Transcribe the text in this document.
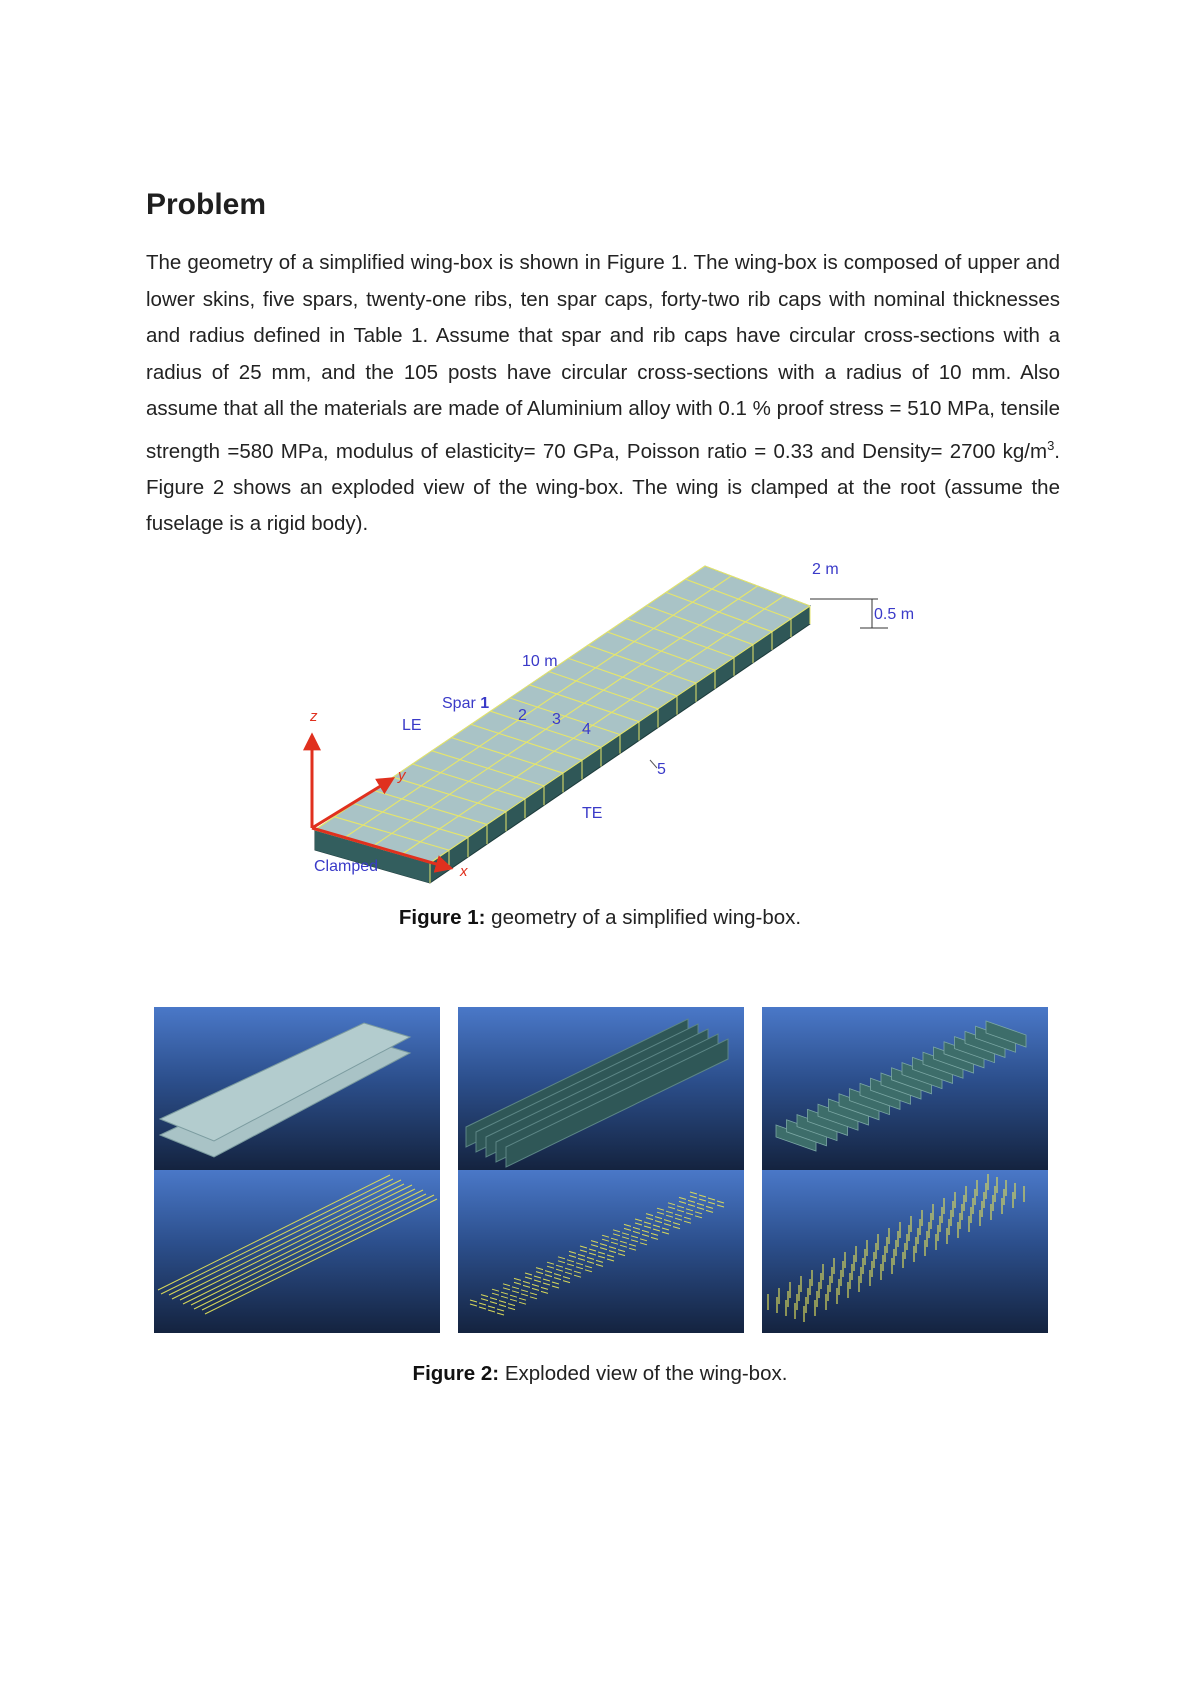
Problem

The geometry of a simplified wing-box is shown in Figure 1. The wing-box is composed of upper and lower skins, five spars, twenty-one ribs, ten spar caps, forty-two rib caps with nominal thicknesses and radius defined in Table 1. Assume that spar and rib caps have circular cross-sections with a radius of 25 mm, and the 105 posts have circular cross-sections with a radius of 10 mm. Also assume that all the materials are made of Aluminium alloy with 0.1 % proof stress = 510 MPa, tensile strength =580 MPa, modulus of elasticity= 70 GPa, Poisson ratio = 0.33 and Density= 2700 $kg/m^3$. Figure 2 shows an exploded view of the wing-box. The wing is clamped at the root (assume the fuselage is a rigid body).

z
y
x
2 m
0.5 m
10 m
Spar 1
2 3
4
5
LE
TE
Clamped

Figure 1: geometry of a simplified wing-box.

Figure 2: Exploded view of the wing-box.
